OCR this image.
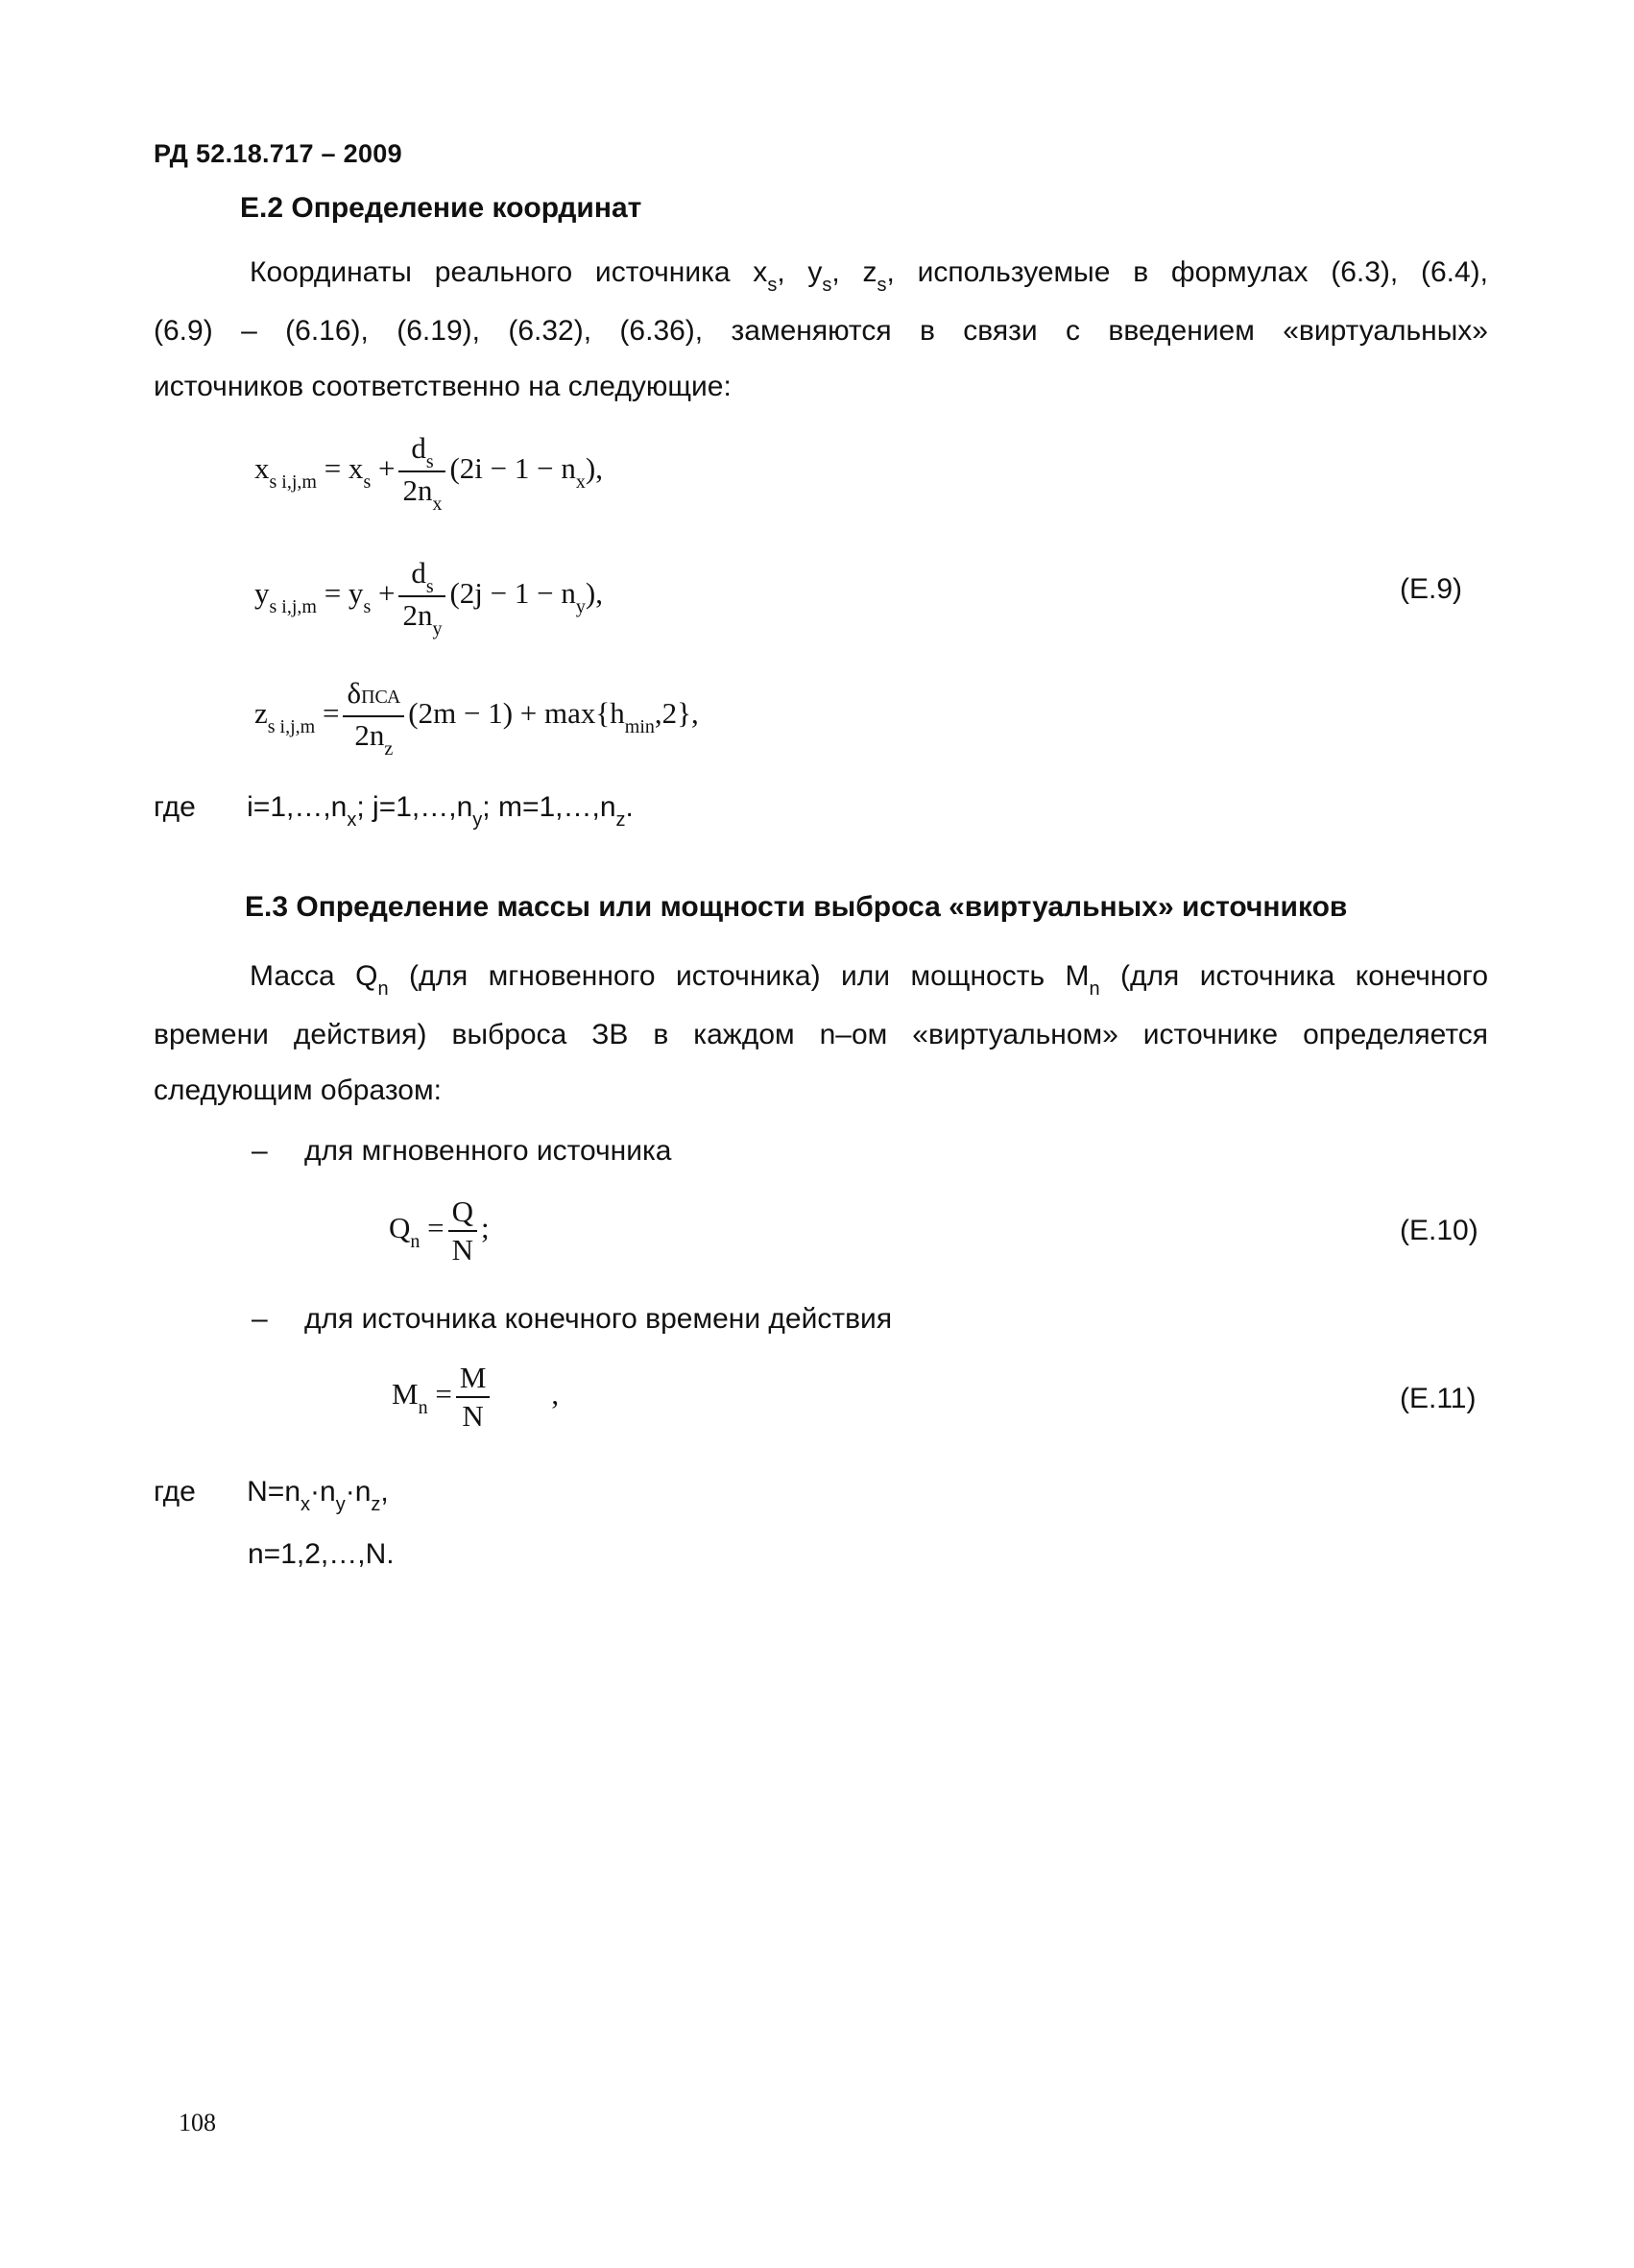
РД 52.18.717 – 2009
Е.2 Определение координат
Координаты реального источника $x_s$, $y_s$, $z_s$, используемые в формулах (6.3), (6.4),
(6.9) – (6.16), (6.19), (6.32), (6.36), заменяются в связи с введением «виртуальных»
источников соответственно на следующие:
$x_{s i,j,m} = x_s + \frac{d_s}{2n_x} (2i - 1 - n_x)$,
$y_{s i,j,m} = y_s + \frac{d_s}{2n_y} (2j - 1 - n_y)$,	(Е.9)
$z_{s i,j,m} = \frac{\text{δПСА}}{2n_z} (2m - 1) + \max\{h_{min},2\}$,
где $i=1,\dots,n_x$; $j=1,\dots,n_y$; $m=1,\dots,n_z$.
Е.3 Определение массы или мощности выброса «виртуальных» источников
Масса $Q_n$ (для мгновенного источника) или мощность $M_n$ (для источника конечного
времени действия) выброса ЗВ в каждом n–ом «виртуальном» источнике определяется
следующим образом:
– для мгновенного источника
$Q_n = \frac{Q}{N}$ ;	(Е.10)
– для источника конечного времени действия
$M_n = \frac{M}{N}$ ,	(Е.11)
где $N=n_x\cdot n_y\cdot n_z$,
n=1,2,…,N.
108
